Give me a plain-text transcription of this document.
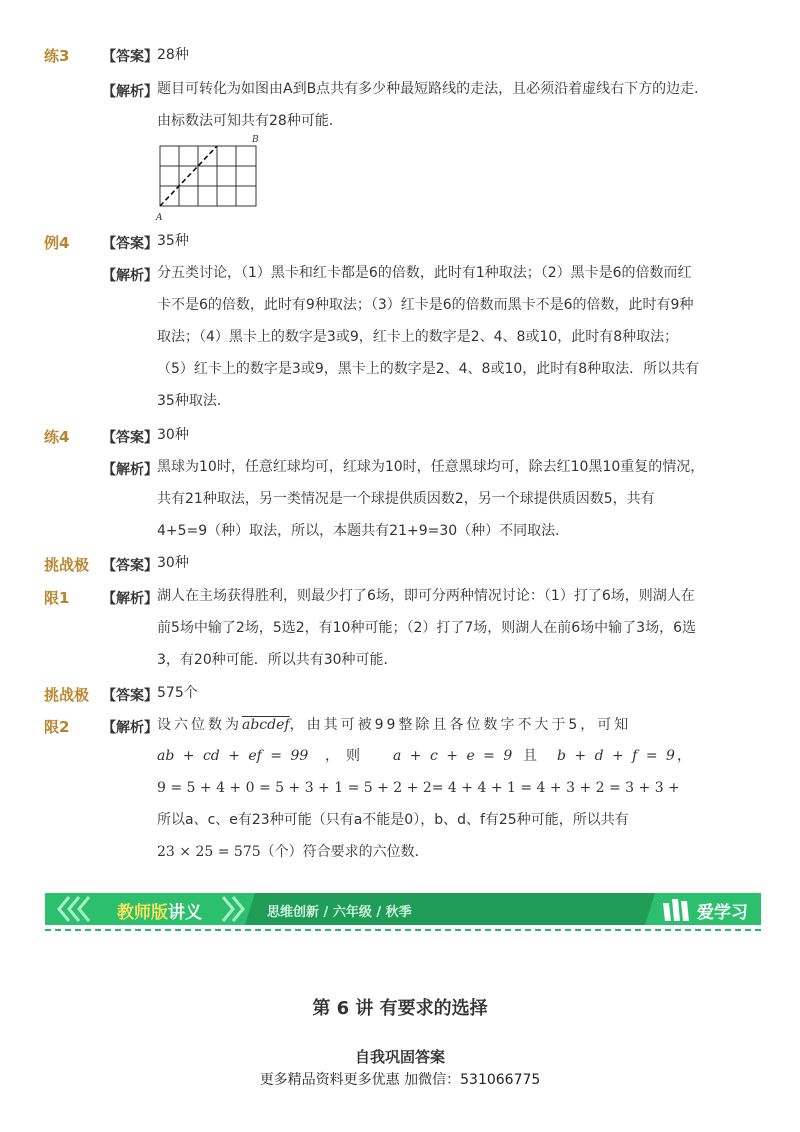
练3 【答案】 28种
【解析】 题目可转化为如图由A到B点共有多少种最短路线的走法，且必须沿着虚线右下方的边走．
由标数法可知共有28种可能．
A
B
例4 【答案】 35种
【解析】 分五类讨论，（1）黑卡和红卡都是6的倍数，此时有1种取法；（2）黑卡是6的倍数而红
卡不是6的倍数，此时有9种取法；（3）红卡是6的倍数而黑卡不是6的倍数，此时有9种
取法；（4）黑卡上的数字是3或9，红卡上的数字是2、4、8或10，此时有8种取法；
（5）红卡上的数字是3或9，黑卡上的数字是2、4、8或10，此时有8种取法．所以共有
35种取法．
练4 【答案】 30种
【解析】 黑球为10时，任意红球均可，红球为10时，任意黑球均可，除去红10黑10重复的情况，
共有21种取法，另一类情况是一个球提供质因数2，另一个球提供质因数5，共有
4+5=9（种）取法，所以，本题共有21+9=30（种）不同取法．
挑战极 【答案】 30种
限1 【解析】 湖人在主场获得胜利，则最少打了6场，即可分两种情况讨论：（1）打了6场，则湖人在
前5场中输了2场，5选2，有10种可能；（2）打了7场，则湖人在前6场中输了3场，6选
3，有20种可能．所以共有30种可能．
挑战极 【答案】 575个
限2 【解析】 设六位数为abcdef，由其可被99整除且各位数字不大于5，可知
ab + cd + ef = 99 ，　则 a + c + e = 9 且 b + d + f = 9 ，
9 = 5 + 4 + 0 = 5 + 3 + 1 = 5 + 2 + 2= 4 + 4 + 1 = 4 + 3 + 2 = 3 + 3 +
所以a、c、e有23种可能（只有a不能是0），b、d、f有25种可能，所以共有
23 × 25 = 575（个）符合要求的六位数．
教师版讲义	思维创新 / 六年级 / 秋季	爱学习
第 6 讲 有要求的选择
自我巩固答案
更多精品资料更多优惠 加微信：531066775
